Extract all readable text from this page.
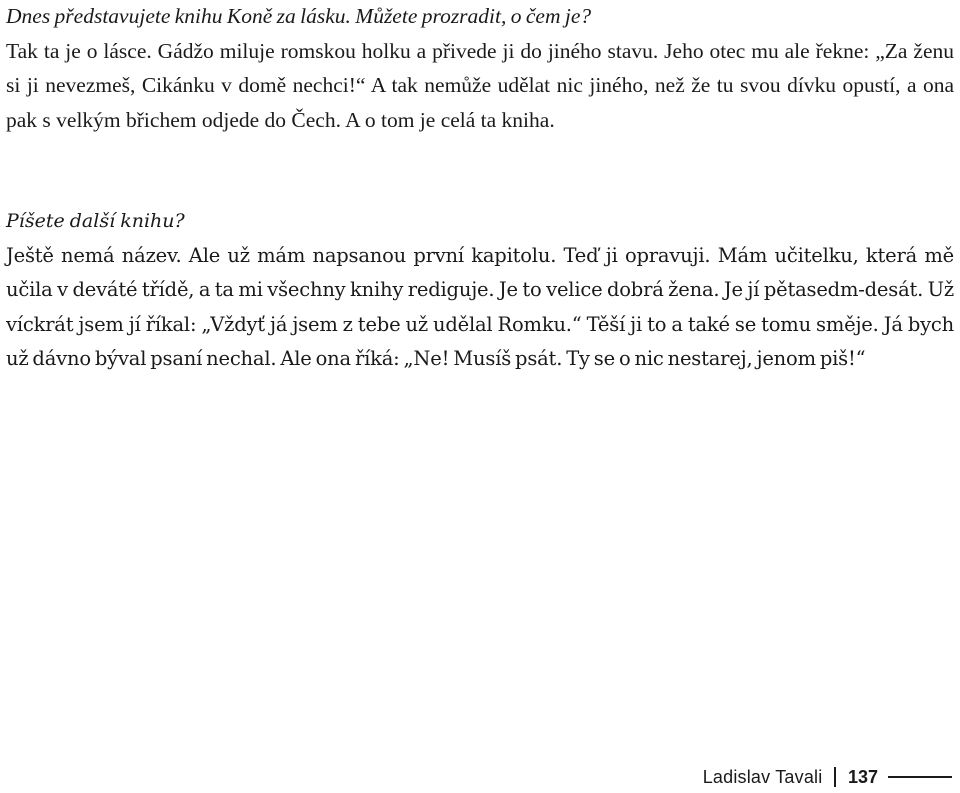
Dnes představujete knihu Koně za lásku. Můžete prozradit, o čem je?

Tak ta je o lásce. Gádžo miluje romskou holku a přivede ji do jiného stavu. Jeho otec mu ale řekne: „Za ženu si ji nevezmeš, Cikánku v domě nechci!“ A tak nemůže udělat nic jiného, než že tu svou dívku opustí, a ona pak s velkým břichem odjede do Čech. A o tom je celá ta kniha.

Píšete další knihu?

Ještě nemá název. Ale už mám napsanou první kapitolu. Teď ji opravuji. Mám učitelku, která mě učila v deváté třídě, a ta mi všechny knihy rediguje. Je to velice dobrá žena. Je jí pětasedm-desát. Už víckrát jsem jí říkal: „Vždyť já jsem z tebe už udělal Romku.“ Těší ji to a také se tomu směje. Já bych už dávno býval psaní nechal. Ale ona říká: „Ne! Musíš psát. Ty se o nic nestarej, jenom piš!“

Ladislav Tavali 137
